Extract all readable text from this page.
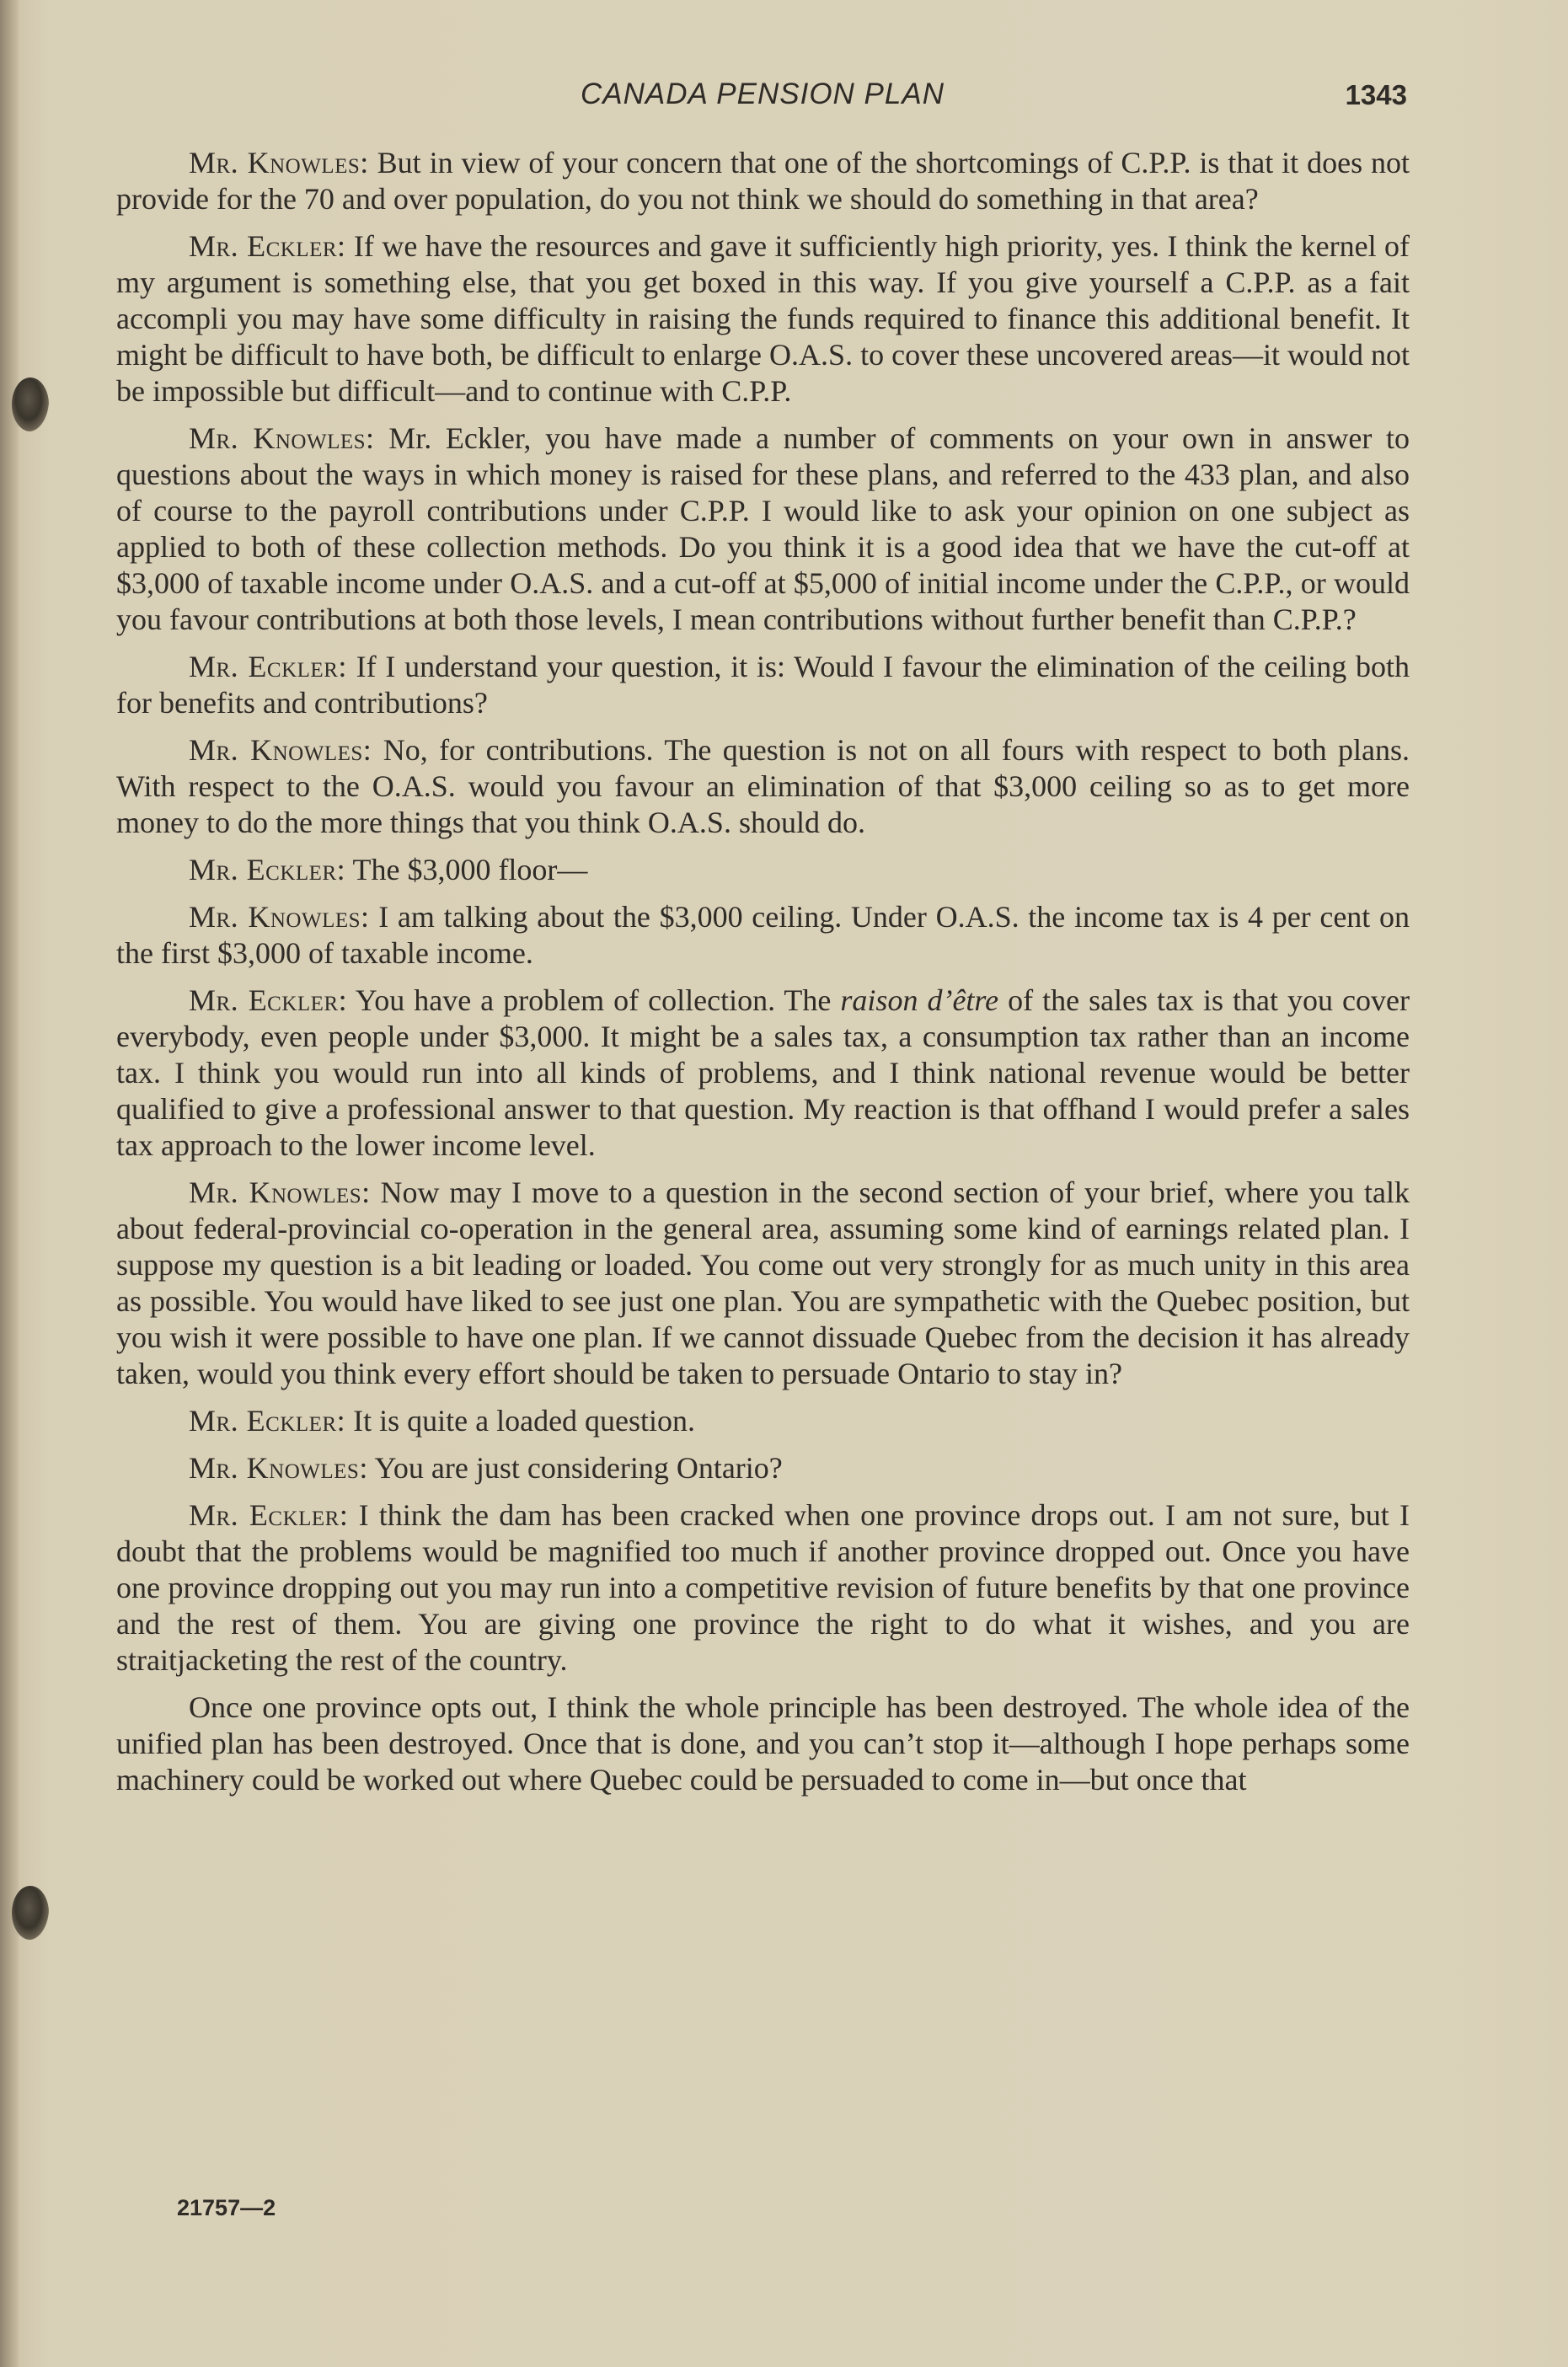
CANADA PENSION PLAN	1343

Mr. Knowles: But in view of your concern that one of the shortcomings of C.P.P. is that it does not provide for the 70 and over population, do you not think we should do something in that area?

Mr. Eckler: If we have the resources and gave it sufficiently high priority, yes. I think the kernel of my argument is something else, that you get boxed in this way. If you give yourself a C.P.P. as a fait accompli you may have some difficulty in raising the funds required to finance this additional benefit. It might be difficult to have both, be difficult to enlarge O.A.S. to cover these uncovered areas—it would not be impossible but difficult—and to continue with C.P.P.

Mr. Knowles: Mr. Eckler, you have made a number of comments on your own in answer to questions about the ways in which money is raised for these plans, and referred to the 433 plan, and also of course to the payroll contributions under C.P.P. I would like to ask your opinion on one subject as applied to both of these collection methods. Do you think it is a good idea that we have the cut-off at $3,000 of taxable income under O.A.S. and a cut-off at $5,000 of initial income under the C.P.P., or would you favour contributions at both those levels, I mean contributions without further benefit than C.P.P.?

Mr. Eckler: If I understand your question, it is: Would I favour the elimination of the ceiling both for benefits and contributions?

Mr. Knowles: No, for contributions. The question is not on all fours with respect to both plans. With respect to the O.A.S. would you favour an elimination of that $3,000 ceiling so as to get more money to do the more things that you think O.A.S. should do.

Mr. Eckler: The $3,000 floor—

Mr. Knowles: I am talking about the $3,000 ceiling. Under O.A.S. the income tax is 4 per cent on the first $3,000 of taxable income.

Mr. Eckler: You have a problem of collection. The raison d’être of the sales tax is that you cover everybody, even people under $3,000. It might be a sales tax, a consumption tax rather than an income tax. I think you would run into all kinds of problems, and I think national revenue would be better qualified to give a professional answer to that question. My reaction is that offhand I would prefer a sales tax approach to the lower income level.

Mr. Knowles: Now may I move to a question in the second section of your brief, where you talk about federal-provincial co-operation in the general area, assuming some kind of earnings related plan. I suppose my question is a bit leading or loaded. You come out very strongly for as much unity in this area as possible. You would have liked to see just one plan. You are sympathetic with the Quebec position, but you wish it were possible to have one plan. If we cannot dissuade Quebec from the decision it has already taken, would you think every effort should be taken to persuade Ontario to stay in?

Mr. Eckler: It is quite a loaded question.

Mr. Knowles: You are just considering Ontario?

Mr. Eckler: I think the dam has been cracked when one province drops out. I am not sure, but I doubt that the problems would be magnified too much if another province dropped out. Once you have one province dropping out you may run into a competitive revision of future benefits by that one province and the rest of them. You are giving one province the right to do what it wishes, and you are straitjacketing the rest of the country.

Once one province opts out, I think the whole principle has been destroyed. The whole idea of the unified plan has been destroyed. Once that is done, and you can’t stop it—although I hope perhaps some machinery could be worked out where Quebec could be persuaded to come in—but once that

21757—2
